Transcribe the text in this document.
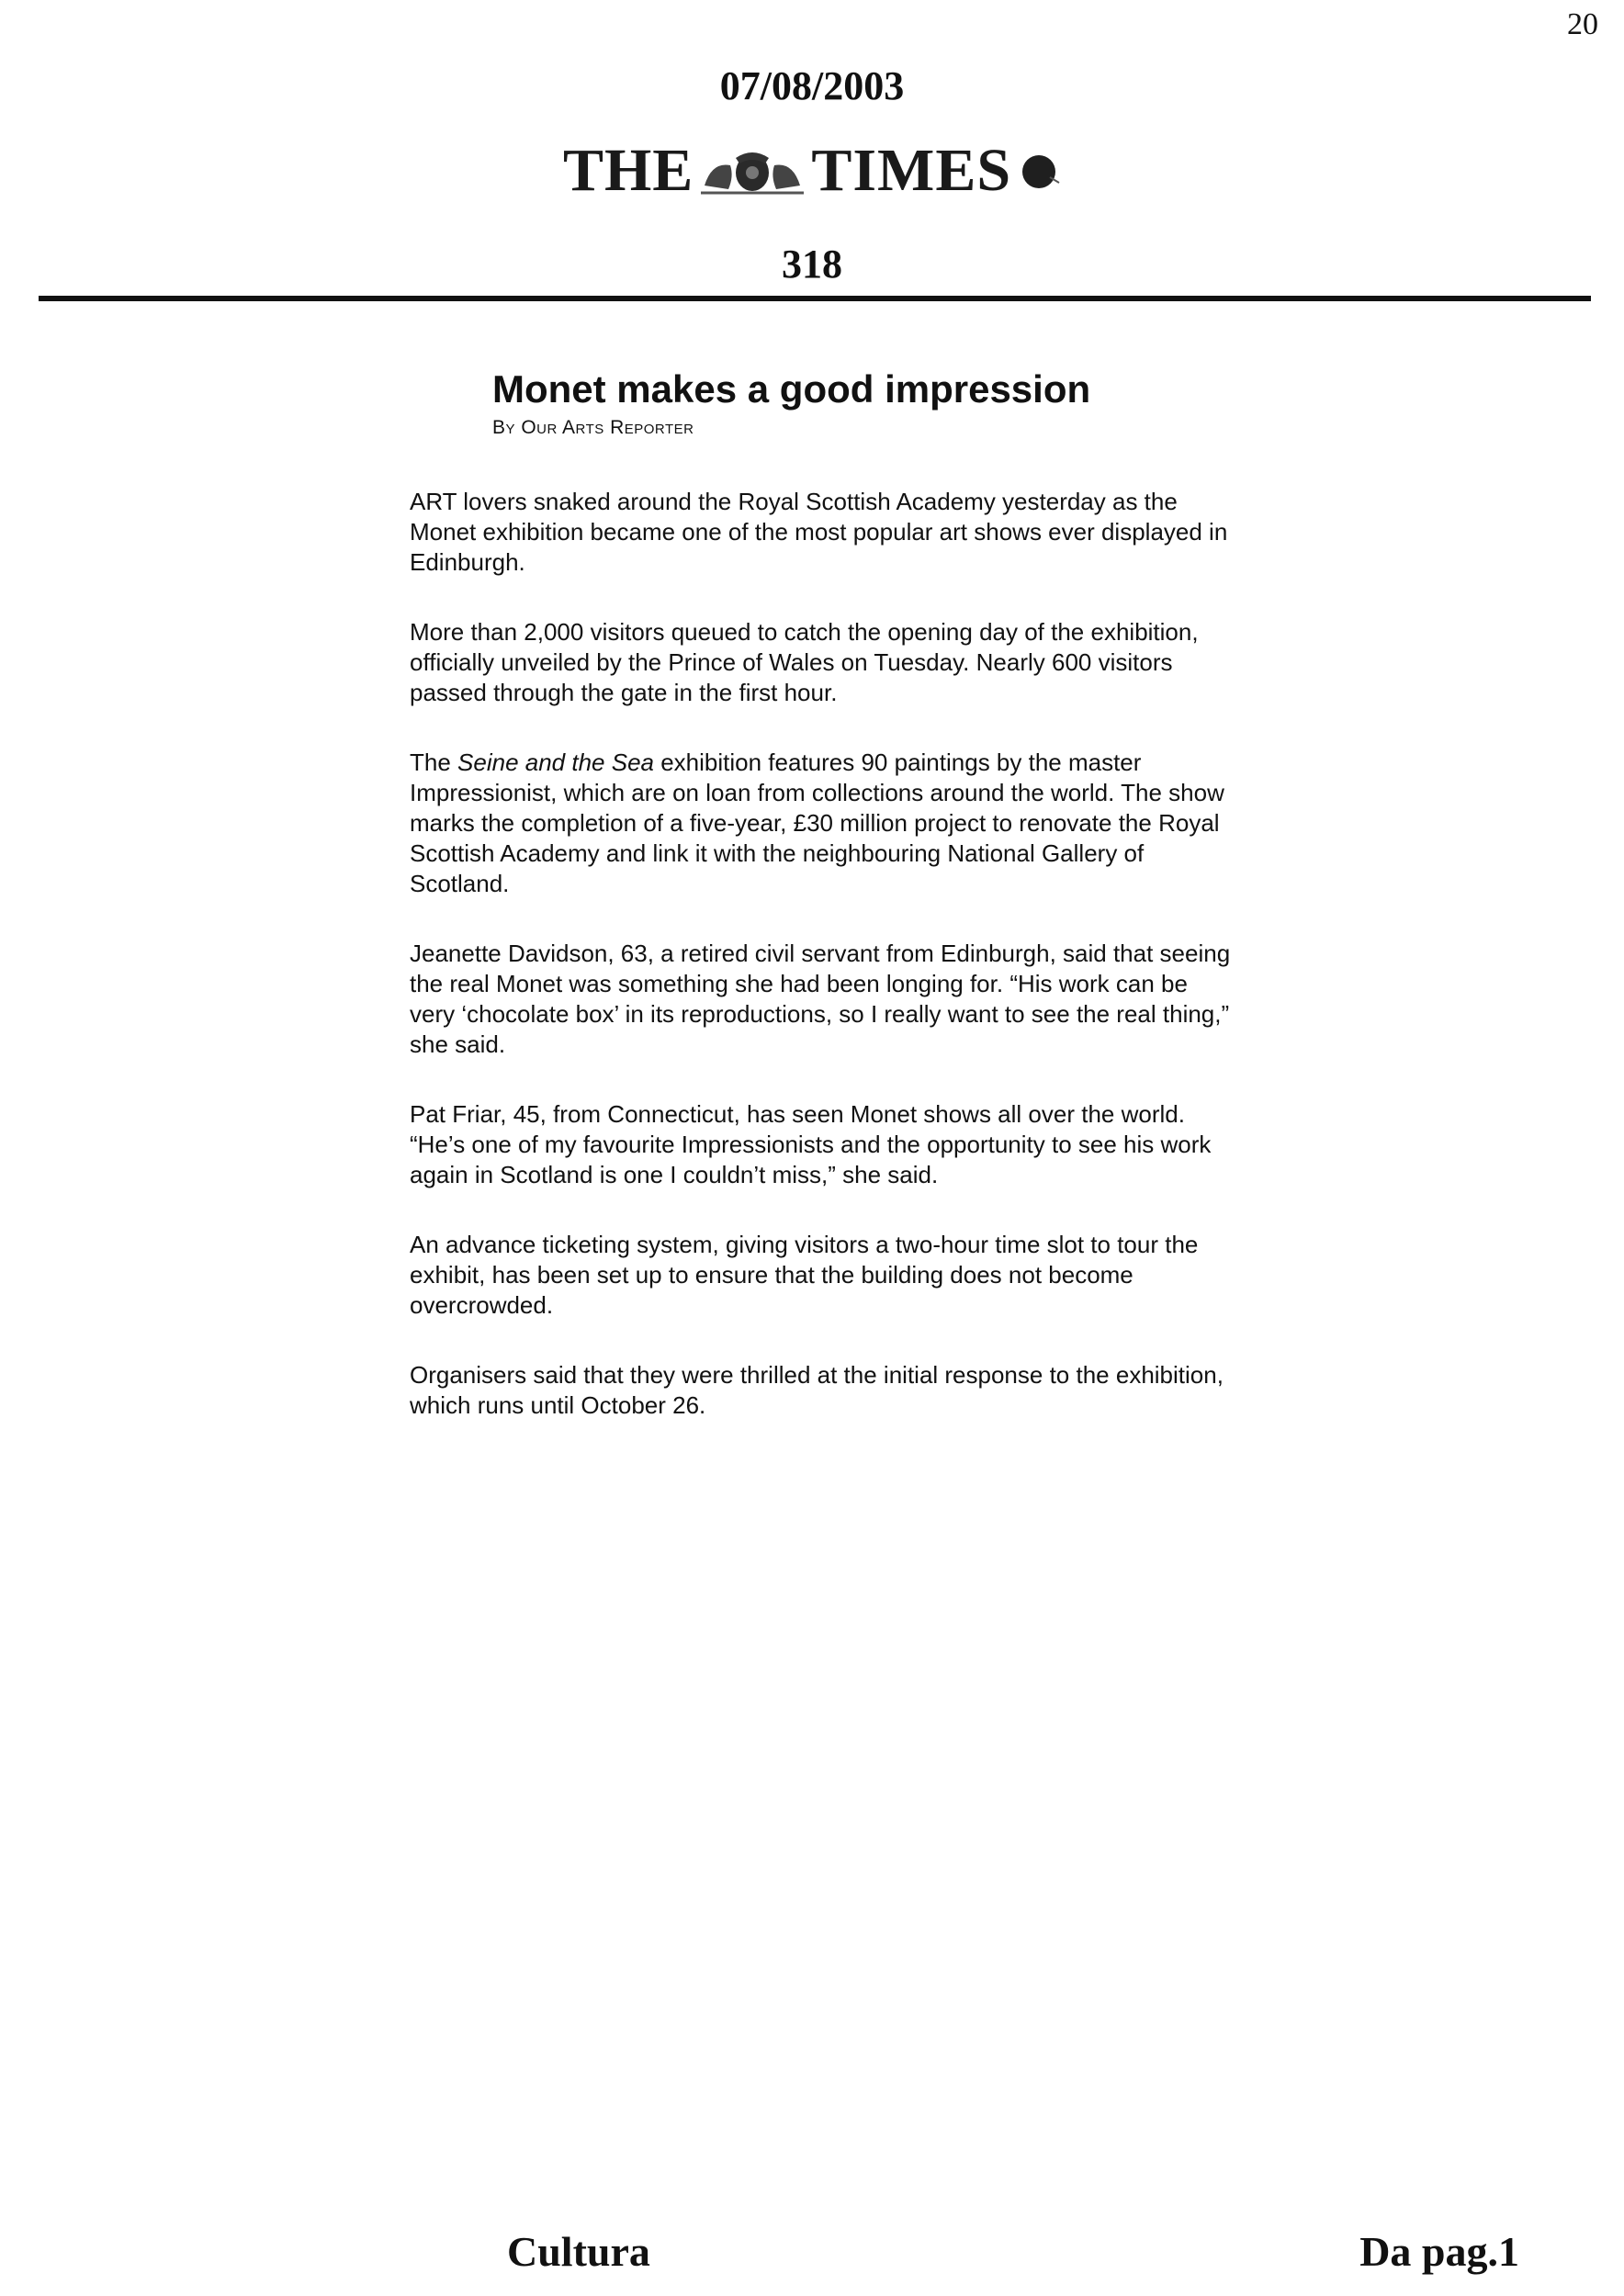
20
07/08/2003
THE TIMES
318
Monet makes a good impression
By Our Arts Reporter

ART lovers snaked around the Royal Scottish Academy yesterday as the Monet exhibition became one of the most popular art shows ever displayed in Edinburgh.

More than 2,000 visitors queued to catch the opening day of the exhibition, officially unveiled by the Prince of Wales on Tuesday. Nearly 600 visitors passed through the gate in the first hour.

The Seine and the Sea exhibition features 90 paintings by the master Impressionist, which are on loan from collections around the world. The show marks the completion of a five-year, £30 million project to renovate the Royal Scottish Academy and link it with the neighbouring National Gallery of Scotland.

Jeanette Davidson, 63, a retired civil servant from Edinburgh, said that seeing the real Monet was something she had been longing for. “His work can be very ‘chocolate box’ in its reproductions, so I really want to see the real thing,” she said.

Pat Friar, 45, from Connecticut, has seen Monet shows all over the world. “He’s one of my favourite Impressionists and the opportunity to see his work again in Scotland is one I couldn’t miss,” she said.

An advance ticketing system, giving visitors a two-hour time slot to tour the exhibit, has been set up to ensure that the building does not become overcrowded.

Organisers said that they were thrilled at the initial response to the exhibition, which runs until October 26.

Cultura	Da pag.1
